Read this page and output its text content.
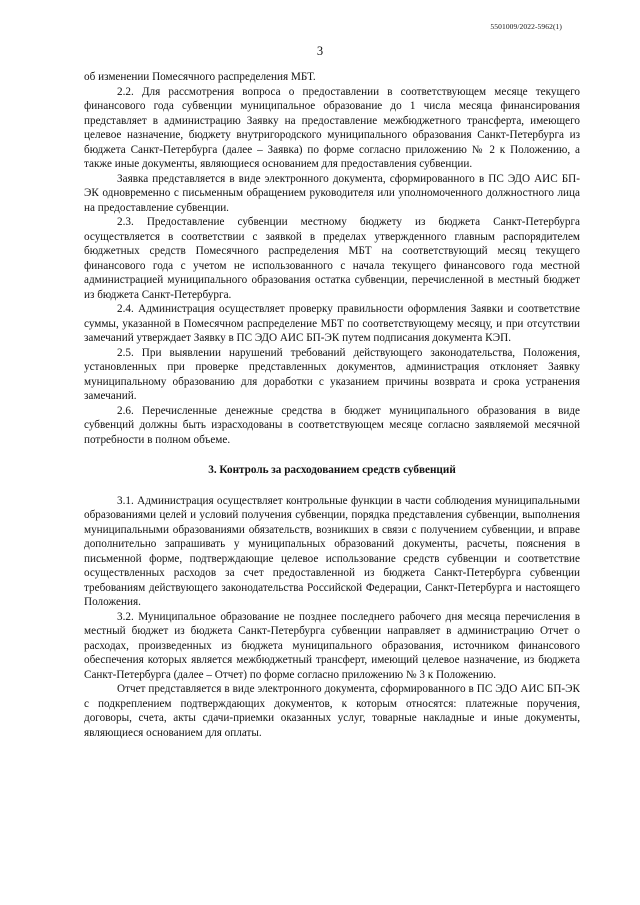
5501009/2022-5962(1)
3

об изменении Помесячного распределения МБТ.

2.2. Для рассмотрения вопроса о предоставлении в соответствующем месяце текущего финансового года субвенции муниципальное образование до 1 числа месяца финансирования представляет в администрацию Заявку на предоставление межбюджетного трансферта, имеющего целевое назначение, бюджету внутригородского муниципального образования Санкт-Петербурга из бюджета Санкт-Петербурга (далее – Заявка) по форме согласно приложению № 2 к Положению, а также иные документы, являющиеся основанием для предоставления субвенции.

Заявка представляется в виде электронного документа, сформированного в ПС ЭДО АИС БП-ЭК одновременно с письменным обращением руководителя или уполномоченного должностного лица на предоставление субвенции.

2.3. Предоставление субвенции местному бюджету из бюджета Санкт-Петербурга осуществляется в соответствии с заявкой в пределах утвержденного главным распорядителем бюджетных средств Помесячного распределения МБТ на соответствующий месяц текущего финансового года с учетом не использованного с начала текущего финансового года местной администрацией муниципального образования остатка субвенции, перечисленной в местный бюджет из бюджета Санкт-Петербурга.

2.4. Администрация осуществляет проверку правильности оформления Заявки и соответствие суммы, указанной в Помесячном распределение МБТ по соответствующему месяцу, и при отсутствии замечаний утверждает Заявку в ПС ЭДО АИС БП-ЭК путем подписания документа КЭП.

2.5. При выявлении нарушений требований действующего законодательства, Положения, установленных при проверке представленных документов, администрация отклоняет Заявку муниципальному образованию для доработки с указанием причины возврата и срока устранения замечаний.

2.6. Перечисленные денежные средства в бюджет муниципального образования в виде субвенций должны быть израсходованы в соответствующем месяце согласно заявляемой месячной потребности в полном объеме.

3. Контроль за расходованием средств субвенций

3.1. Администрация осуществляет контрольные функции в части соблюдения муниципальными образованиями целей и условий получения субвенции, порядка представления субвенции, выполнения муниципальными образованиями обязательств, возникших в связи с получением субвенции, и вправе дополнительно запрашивать у муниципальных образований документы, расчеты, пояснения в письменной форме, подтверждающие целевое использование средств субвенции и соответствие осуществленных расходов за счет предоставленной из бюджета Санкт-Петербурга субвенции требованиям действующего законодательства Российской Федерации, Санкт-Петербурга и настоящего Положения.

3.2. Муниципальное образование не позднее последнего рабочего дня месяца перечисления в местный бюджет из бюджета Санкт-Петербурга субвенции направляет в администрацию Отчет о расходах, произведенных из бюджета муниципального образования, источником финансового обеспечения которых является межбюджетный трансферт, имеющий целевое назначение, из бюджета Санкт-Петербурга (далее – Отчет) по форме согласно приложению № 3 к Положению.

Отчет представляется в виде электронного документа, сформированного в ПС ЭДО АИС БП-ЭК с подкреплением подтверждающих документов, к которым относятся: платежные поручения, договоры, счета, акты сдачи-приемки оказанных услуг, товарные накладные и иные документы, являющиеся основанием для оплаты.
